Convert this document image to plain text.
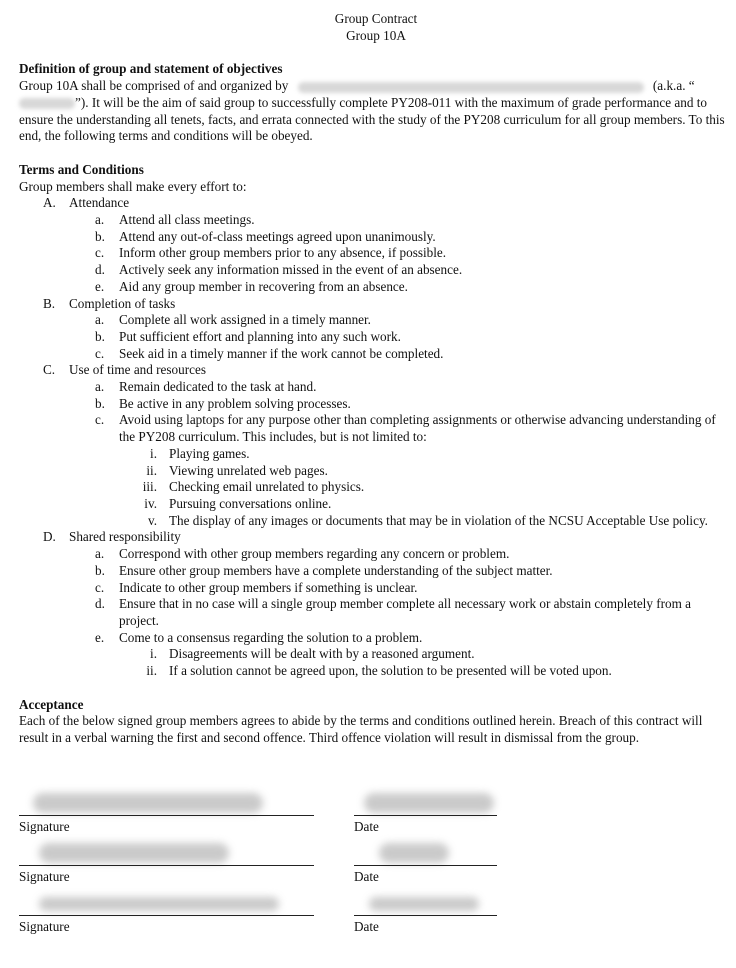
Group Contract
Group 10A

Definition of group and statement of objectives

Group 10A shall be comprised of and organized by	(a.k.a. “”). It will be the aim of said group to successfully complete PY208-011 with the maximum of grade performance and to ensure the understanding all tenets, facts, and errata connected with the study of the PY208 curriculum for all group members. To this end, the following terms and conditions will be obeyed.

Terms and Conditions

Group members shall make every effort to:

A. Attendance
a. Attend all class meetings.
b. Attend any out-of-class meetings agreed upon unanimously.
c. Inform other group members prior to any absence, if possible.
d. Actively seek any information missed in the event of an absence.
e. Aid any group member in recovering from an absence.
B. Completion of tasks
a. Complete all work assigned in a timely manner.
b. Put sufficient effort and planning into any such work.
c. Seek aid in a timely manner if the work cannot be completed.
C. Use of time and resources
a. Remain dedicated to the task at hand.
b. Be active in any problem solving processes.
c. Avoid using laptops for any purpose other than completing assignments or otherwise advancing understanding of the PY208 curriculum. This includes, but is not limited to:
i. Playing games.
ii. Viewing unrelated web pages.
iii. Checking email unrelated to physics.
iv. Pursuing conversations online.
v. The display of any images or documents that may be in violation of the NCSU Acceptable Use policy.
D. Shared responsibility
a. Correspond with other group members regarding any concern or problem.
b. Ensure other group members have a complete understanding of the subject matter.
c. Indicate to other group members if something is unclear.
d. Ensure that in no case will a single group member complete all necessary work or abstain completely from a project.
e. Come to a consensus regarding the solution to a problem.
i. Disagreements will be dealt with by a reasoned argument.
ii. If a solution cannot be agreed upon, the solution to be presented will be voted upon.

Acceptance

Each of the below signed group members agrees to abide by the terms and conditions outlined herein. Breach of this contract will result in a verbal warning the first and second offence. Third offence violation will result in dismissal from the group.

Signature	Date
Signature	Date
Signature	Date
